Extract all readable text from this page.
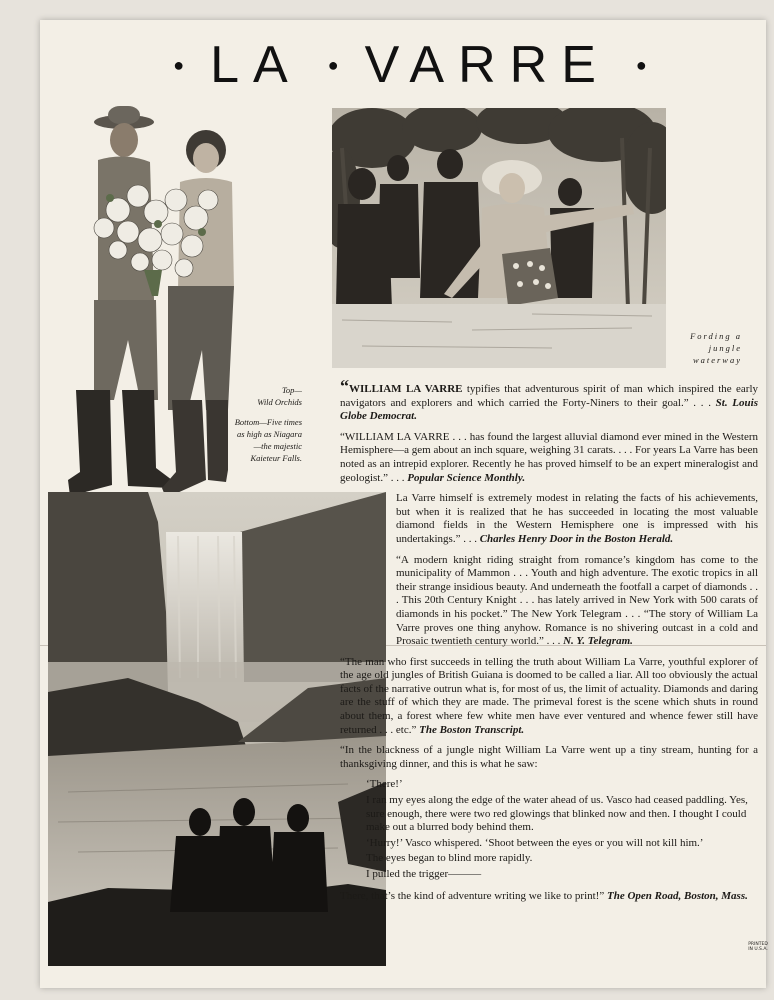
● LA ● VARRE ●
Fording a
jungle
waterway
Top—
Wild Orchids
Bottom—Five times
as high as Niagara
—the majestic
Kaieteur Falls.

“WILLIAM LA VARRE typifies that adventurous spirit of man which inspired the early navigators and explorers and which carried the Forty-Niners to their goal.” . . . St. Louis Globe Democrat.

“WILLIAM LA VARRE . . . has found the largest alluvial diamond ever mined in the Western Hemisphere—a gem about an inch square, weighing 31 carats. . . . For years La Varre has been noted as an intrepid explorer. Recently he has proved himself to be an expert mineralogist and geologist.” . . . Popular Science Monthly.

La Varre himself is extremely modest in relating the facts of his achievements, but when it is realized that he has succeeded in locating the most valuable diamond fields in the Western Hemisphere one is impressed with his undertakings.” . . . Charles Henry Door in the Boston Herald.

“A modern knight riding straight from romance’s kingdom has come to the municipality of Mammon . . . Youth and high adventure. The exotic tropics in all their strange insidious beauty. And underneath the footfall a carpet of diamonds . . . This 20th Century Knight . . . has lately arrived in New York with 500 carats of diamonds in his pocket.” The New York Telegram . . . “The story of William La Varre proves one thing anyhow. Romance is no shivering outcast in a cold and Prosaic twentieth century world.” . . . N. Y. Telegram.

“The man who first succeeds in telling the truth about William La Varre, youthful explorer of the age old jungles of British Guiana is doomed to be called a liar. All too obviously the actual facts of the narrative outrun what is, for most of us, the limit of actuality. Diamonds and daring are the stuff of which they are made. The primeval forest is the scene which shuts in round about them, a forest where few white men have ever ventured and whence fewer still have returned . . . etc.” The Boston Transcript.

“In the blackness of a jungle night William La Varre went up a tiny stream, hunting for a thanksgiving dinner, and this is what he saw:

‘There!’

I ran my eyes along the edge of the water ahead of us. Vasco had ceased paddling. Yes, sure enough, there were two red glowings that blinked now and then. I thought I could make out a blurred body behind them.

‘Hurry!’ Vasco whispered. ‘Shoot between the eyes or you will not kill him.’

The eyes began to blind more rapidly.

I pulled the trigger———

There, that’s the kind of adventure writing we like to print!” The Open Road, Boston, Mass.

PRINTED IN U.S.A.
